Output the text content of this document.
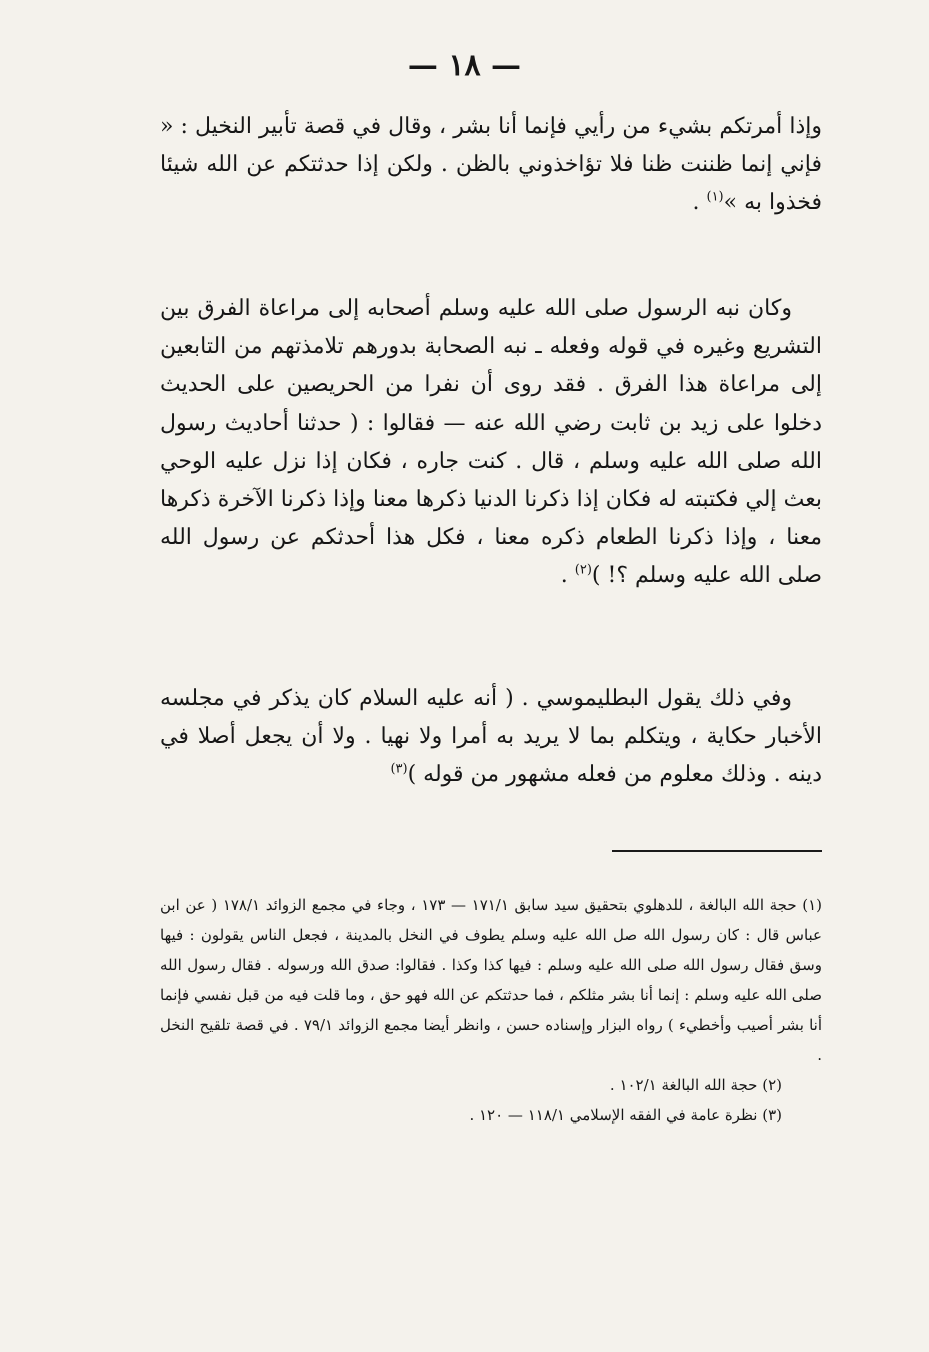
— ١٨ —

وإذا أمرتكم بشيء من رأيي فإنما أنا بشر ، وقال في قصة تأبير النخيل : « فإني إنما ظننت ظنا فلا تؤاخذوني بالظن . ولكن إذا حدثتكم عن الله شيئا فخذوا به »$^{(١)}$ .

وكان نبه الرسول صلى الله عليه وسلم أصحابه إلى مراعاة الفرق بين التشريع وغيره في قوله وفعله ـ نبه الصحابة بدورهم تلامذتهم من التابعين إلى مراعاة هذا الفرق . فقد روى أن نفرا من الحريصين على الحديث دخلوا على زيد بن ثابت رضي الله عنه — فقالوا : ( حدثنا أحاديث رسول الله صلى الله عليه وسلم ، قال . كنت جاره ، فكان إذا نزل عليه الوحي بعث إلي فكتبته له فكان إذا ذكرنا الدنيا ذكرها معنا وإذا ذكرنا الآخرة ذكرها معنا ، وإذا ذكرنا الطعام ذكره معنا ، فكل هذا أحدثكم عن رسول الله صلى الله عليه وسلم ؟! )$^{(٢)}$ .

وفي ذلك يقول البطليموسي . ( أنه عليه السلام كان يذكر في مجلسه الأخبار حكاية ، ويتكلم بما لا يريد به أمرا ولا نهيا . ولا أن يجعل أصلا في دينه . وذلك معلوم من فعله مشهور من قوله )$^{(٣)}$

(١) حجة الله البالغة ، للدهلوي بتحقيق سيد سابق ١٧١/١ — ١٧٣ ، وجاء في مجمع الزوائد ١٧٨/١ ( عن ابن عباس قال : كان رسول الله صل الله عليه وسلم يطوف في النخل بالمدينة ، فجعل الناس يقولون : فيها وسق فقال رسول الله صلى الله عليه وسلم : فيها كذا وكذا . فقالوا: صدق الله ورسوله . فقال رسول الله صلى الله عليه وسلم : إنما أنا بشر مثلكم ، فما حدثتكم عن الله فهو حق ، وما قلت فيه من قبل نفسي فإنما أنا بشر أصيب وأخطيء ) رواه البزار وإسناده حسن ، وانظر أيضا مجمع الزوائد ٧٩/١ . في قصة تلقيح النخل .
(٢) حجة الله البالغة ١٠٢/١ .
(٣) نظرة عامة في الفقه الإسلامي ١١٨/١ — ١٢٠ .
